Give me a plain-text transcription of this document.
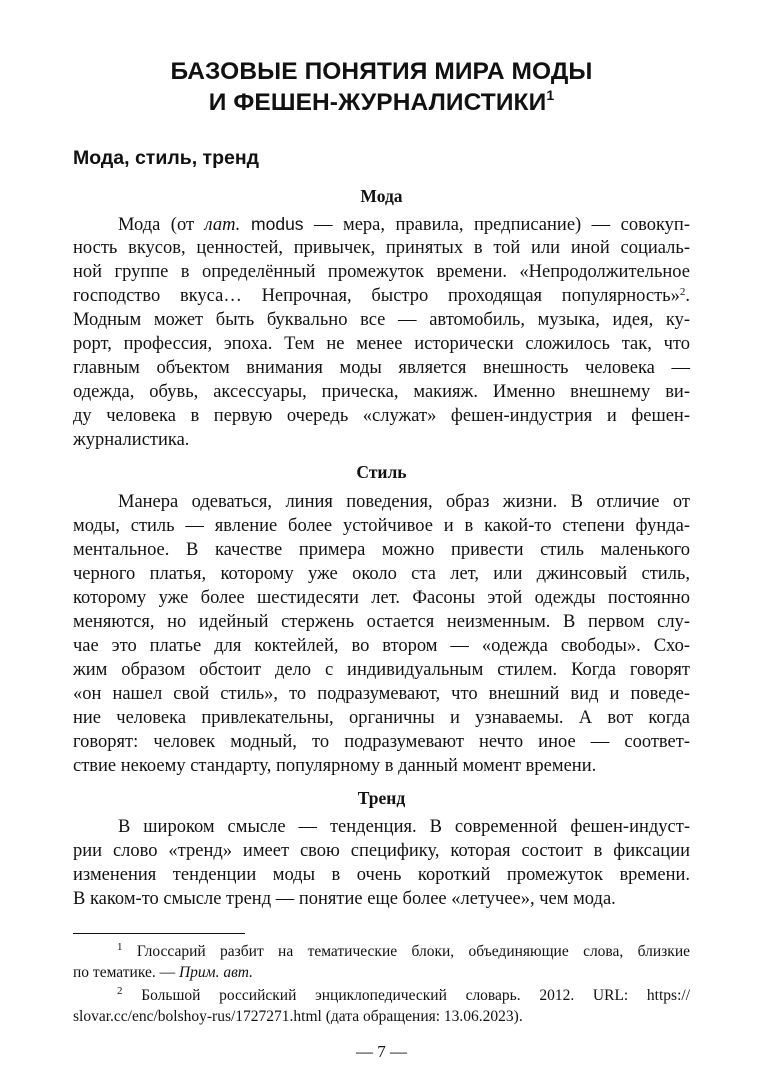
БАЗОВЫЕ ПОНЯТИЯ МИРА МОДЫ
И ФЕШЕН-ЖУРНАЛИСТИКИ$^1$
Мода, стиль, тренд
Мода
Мода (от лат. modus — мера, правила, предписание) — совокуп-
ность вкусов, ценностей, привычек, принятых в той или иной социаль-
ной группе в определённый промежуток времени. «Непродолжительное
господство вкуса… Непрочная, быстро проходящая популярность»$^2$.
Модным может быть буквально все — автомобиль, музыка, идея, ку-
рорт, профессия, эпоха. Тем не менее исторически сложилось так, что
главным объектом внимания моды является внешность человека —
одежда, обувь, аксессуары, прическа, макияж. Именно внешнему ви-
ду человека в первую очередь «служат» фешен-индустрия и фешен-
журналистика.
Стиль
Манера одеваться, линия поведения, образ жизни. В отличие от
моды, стиль — явление более устойчивое и в какой-то степени фунда-
ментальное. В качестве примера можно привести стиль маленького
черного платья, которому уже около ста лет, или джинсовый стиль,
которому уже более шестидесяти лет. Фасоны этой одежды постоянно
меняются, но идейный стержень остается неизменным. В первом слу-
чае это платье для коктейлей, во втором — «одежда свободы». Схо-
жим образом обстоит дело с индивидуальным стилем. Когда говорят
«он нашел свой стиль», то подразумевают, что внешний вид и поведе-
ние человека привлекательны, органичны и узнаваемы. А вот когда
говорят: человек модный, то подразумевают нечто иное — соответ-
ствие некоему стандарту, популярному в данный момент времени.
Тренд
В широком смысле — тенденция. В современной фешен-индуст-
рии слово «тренд» имеет свою специфику, которая состоит в фиксации
изменения тенденции моды в очень короткий промежуток времени.
В каком-то смысле тренд — понятие еще более «летучее», чем мода.
$^1$ Глоссарий разбит на тематические блоки, объединяющие слова, близкие
по тематике. — Прим. авт.
$^2$ Большой российский энциклопедический словарь. 2012. URL: https://
slovar.cc/enc/bolshoy-rus/1727271.html (дата обращения: 13.06.2023).
— 7 —
